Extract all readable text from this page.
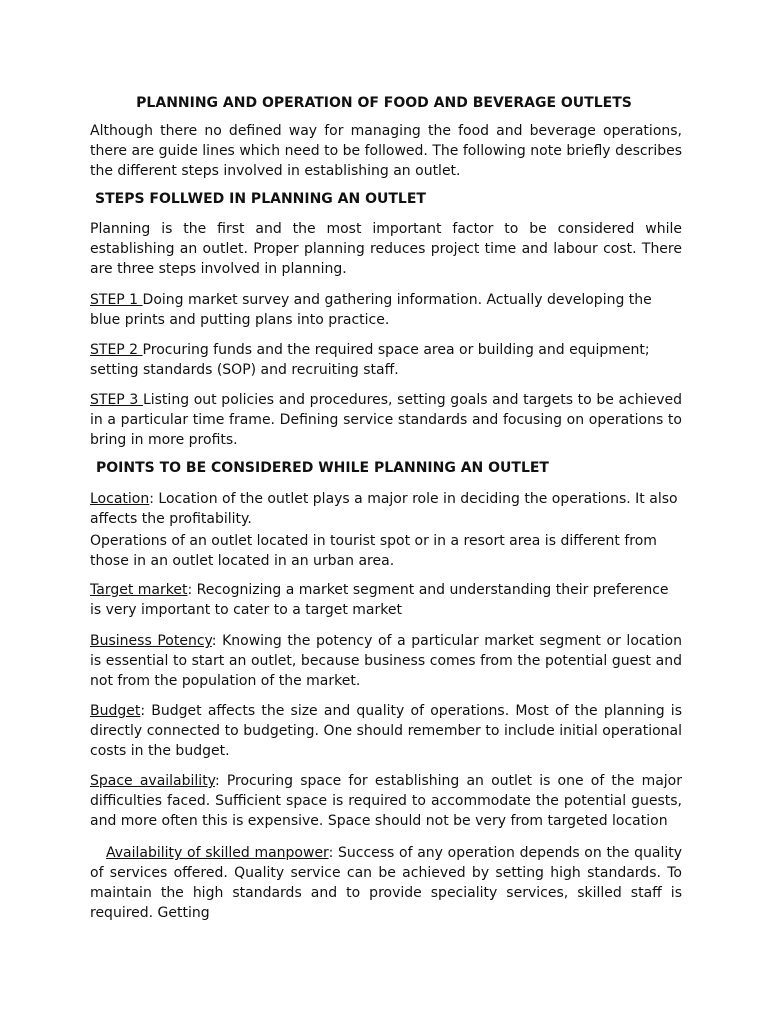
PLANNING AND OPERATION OF FOOD AND BEVERAGE OUTLETS
Although there no defined way for managing the food and beverage operations, there are guide lines which need to be followed. The following note briefly describes the different steps involved in establishing an outlet.
STEPS FOLLWED IN PLANNING AN OUTLET
Planning is the first and the most important factor to be considered while establishing an outlet. Proper planning reduces project time and labour cost. There are three steps involved in planning.
STEP 1 Doing market survey and gathering information. Actually developing the blue prints and putting plans into practice.
STEP 2 Procuring funds and the required space area or building and equipment; setting standards (SOP) and recruiting staff.
STEP 3 Listing out policies and procedures, setting goals and targets to be achieved in a particular time frame. Defining service standards and focusing on operations to bring in more profits.
POINTS TO BE CONSIDERED WHILE PLANNING AN OUTLET
Location: Location of the outlet plays a major role in deciding the operations. It also affects the profitability.
Operations of an outlet located in tourist spot or in a resort area is different from those in an outlet located in an urban area.
Target market: Recognizing a market segment and understanding their preference is very important to cater to a target market
Business Potency: Knowing the potency of a particular market segment or location is essential to start an outlet, because business comes from the potential guest and not from the population of the market.
Budget: Budget affects the size and quality of operations. Most of the planning is directly connected to budgeting. One should remember to include initial operational costs in the budget.
Space availability: Procuring space for establishing an outlet is one of the major difficulties faced. Sufficient space is required to accommodate the potential guests, and more often this is expensive. Space should not be very from targeted location
Availability of skilled manpower: Success of any operation depends on the quality of services offered. Quality service can be achieved by setting high standards. To maintain the high standards and to provide speciality services, skilled staff is required. Getting
